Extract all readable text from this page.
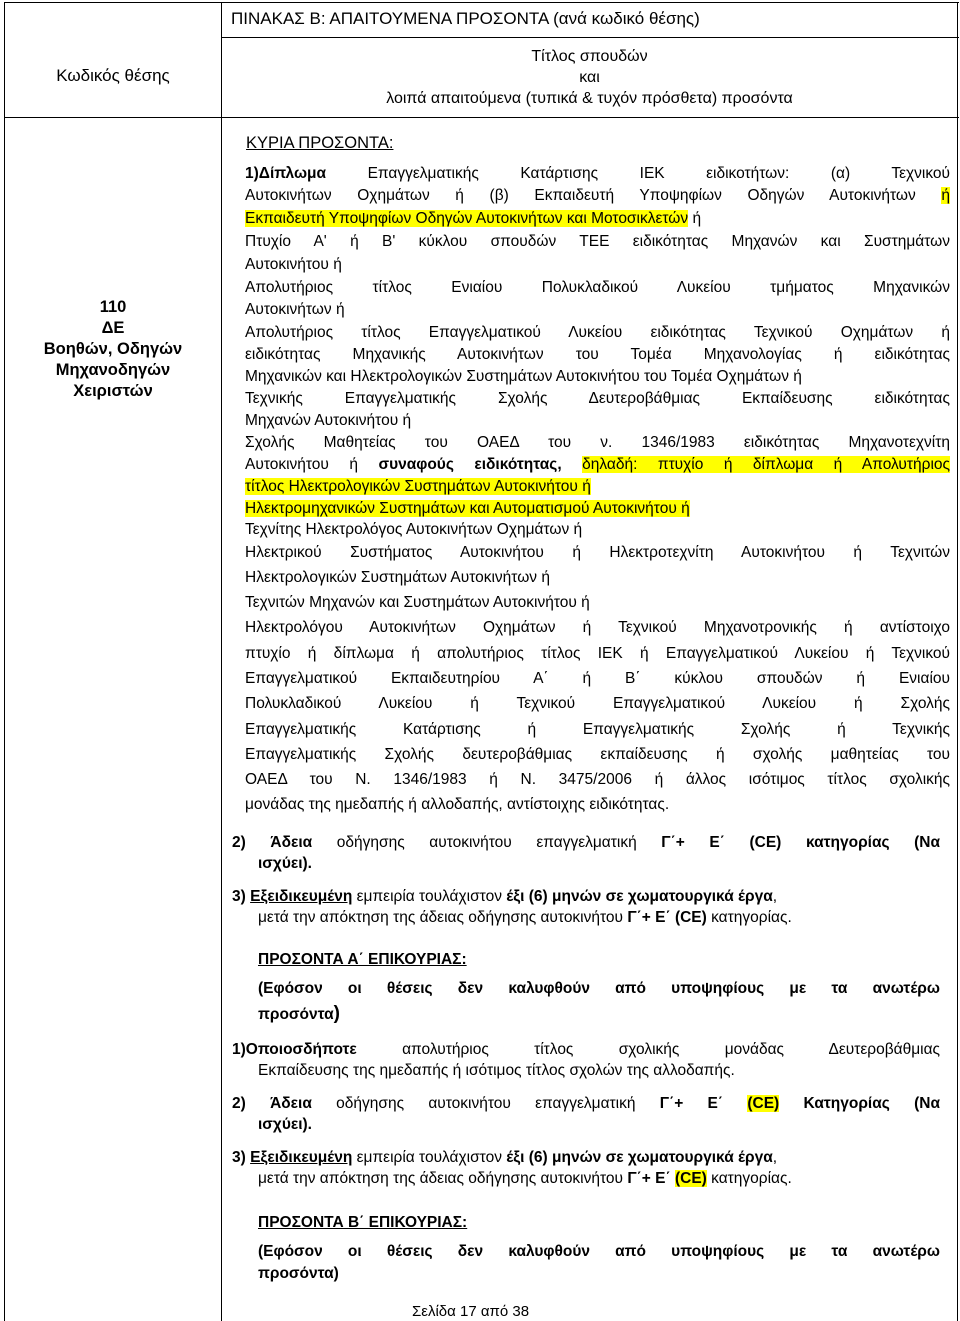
ΠΙΝΑΚΑΣ Β: ΑΠΑΙΤΟΥΜΕΝΑ ΠΡΟΣΟΝΤΑ (ανά κωδικό θέσης)
Κωδικός θέσης
Τίτλος σπουδών
και
λοιπά απαιτούμενα (τυπικά & τυχόν πρόσθετα) προσόντα
110
ΔΕ
Βοηθών, Οδηγών
Μηχανοδηγών
Χειριστών
ΚΥΡΙΑ ΠΡΟΣΟΝΤΑ:
1)Δίπλωμα	Επαγγελματικής Κατάρτισης ΙΕΚ ειδικοτήτων: (α) Τεχνικού
Αυτοκινήτων Οχημάτων ή (β) Εκπαιδευτή Υποψηφίων Οδηγών Αυτοκινήτων ή
Εκπαιδευτή Υποψηφίων Οδηγών Αυτοκινήτων και Μοτοσικλετών ή
Πτυχίο Α' ή Β' κύκλου σπουδών ΤΕΕ ειδικότητας Μηχανών και Συστημάτων
Αυτοκινήτου ή
Απολυτήριος τίτλος Ενιαίου Πολυκλαδικού Λυκείου τμήματος Μηχανικών
Αυτοκινήτων ή
Απολυτήριος τίτλος Επαγγελματικού Λυκείου ειδικότητας Τεχνικού Οχημάτων ή
ειδικότητας Μηχανικής Αυτοκινήτων του Τομέα Μηχανολογίας ή ειδικότητας
Μηχανικών και Ηλεκτρολογικών Συστημάτων Αυτοκινήτου του Τομέα Οχημάτων ή
Τεχνικής Επαγγελματικής Σχολής Δευτεροβάθμιας Εκπαίδευσης ειδικότητας
Μηχανών Αυτοκινήτου ή
Σχολής Μαθητείας του ΟΑΕΔ του ν. 1346/1983 ειδικότητας Μηχανοτεχνίτη
Αυτοκινήτου ή συναφούς ειδικότητας, δηλαδή: πτυχίο ή δίπλωμα ή Απολυτήριος
τίτλος Ηλεκτρολογικών Συστημάτων Αυτοκινήτου ή
Ηλεκτρομηχανικών Συστημάτων και Αυτοματισμού Αυτοκινήτου ή
Τεχνίτης Ηλεκτρολόγος Αυτοκινήτων Οχημάτων ή
Ηλεκτρικού Συστήματος Αυτοκινήτου ή Ηλεκτροτεχνίτη Αυτοκινήτου ή Τεχνιτών
Ηλεκτρολογικών Συστημάτων Αυτοκινήτων ή
Τεχνιτών Μηχανών και Συστημάτων Αυτοκινήτου ή
Ηλεκτρολόγου Αυτοκινήτων Οχημάτων ή Τεχνικού Μηχανοτρονικής ή αντίστοιχο
πτυχίο ή δίπλωμα ή απολυτήριος τίτλος ΙΕΚ ή Επαγγελματικού Λυκείου ή Τεχνικού
Επαγγελματικού Εκπαιδευτηρίου Α΄ ή Β΄ κύκλου σπουδών ή Ενιαίου
Πολυκλαδικού Λυκείου ή Τεχνικού Επαγγελματικού Λυκείου ή Σχολής
Επαγγελματικής Κατάρτισης ή Επαγγελματικής Σχολής ή Τεχνικής
Επαγγελματικής Σχολής δευτεροβάθμιας εκπαίδευσης ή σχολής μαθητείας του
ΟΑΕΔ του Ν. 1346/1983 ή Ν. 3475/2006 ή άλλος ισότιμος τίτλος σχολικής
μονάδας της ημεδαπής ή αλλοδαπής, αντίστοιχης ειδικότητας.
2) Άδεια οδήγησης αυτοκινήτου επαγγελματική Γ΄+ Ε΄ (CE) κατηγορίας (Να
ισχύει).
3) Εξειδικευμένη εμπειρία τουλάχιστον έξι (6) μηνών σε χωματουργικά έργα,
μετά την απόκτηση της άδειας οδήγησης αυτοκινήτου Γ΄+ Ε΄ (CE) κατηγορίας.
ΠΡΟΣΟΝΤΑ Α΄ ΕΠΙΚΟΥΡΙΑΣ:
(Εφόσον οι θέσεις δεν καλυφθούν από υποψηφίους με τα ανωτέρω
προσόντα)
1)Οποιοσδήποτε	απολυτήριος τίτλος σχολικής μονάδας Δευτεροβάθμιας
Εκπαίδευσης της ημεδαπής ή ισότιμος τίτλος σχολών της αλλοδαπής.
2) Άδεια οδήγησης αυτοκινήτου επαγγελματική Γ΄+ Ε΄ (CE) Κατηγορίας (Να
ισχύει).
3) Εξειδικευμένη εμπειρία τουλάχιστον έξι (6) μηνών σε χωματουργικά έργα,
μετά την απόκτηση της άδειας οδήγησης αυτοκινήτου Γ΄+ Ε΄ (CE) κατηγορίας.
ΠΡΟΣΟΝΤΑ Β΄ ΕΠΙΚΟΥΡΙΑΣ:
(Εφόσον οι θέσεις δεν καλυφθούν από υποψηφίους με τα ανωτέρω
προσόντα)
Σελίδα 17 από 38
